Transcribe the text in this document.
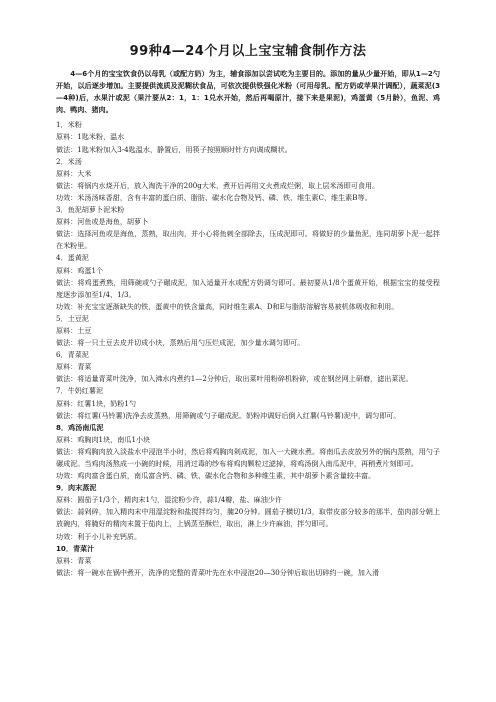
99种4—24个月以上宝宝辅食制作方法

4—6个月的宝宝饮食仍以母乳（或配方奶）为主，辅食添加以尝试吃为主要目的。添加的量从少量开始，即从1—2勺开始，以后逐步增加。主要提供流质及泥糊状食品，可依次提供铁强化米粉（可用母乳、配方奶或苹果汁调配），蔬菜泥(3—4种)后，水果汁或泥（果汁要从2：1，1：1兑水开始，然后再喝原汁，接下来是果泥)，鸡蛋黄（5月龄），鱼泥、鸡肉、鸭肉、猪肉。

1．米粉

原料：1匙米粉，温水

做法：1匙米粉加入3-4匙温水，静置后，用筷子按照顺时针方向调成糊状。

2．米汤

原料：大米

做法：将锅内水烧开后，放入淘洗干净的200g大米，煮开后再用文火煮成烂粥，取上层米汤即可食用。

功效：米汤汤味香甜，含有丰富的蛋白质、脂肪、碳水化合物及钙、磷、铁、维生素C、维生素B等。

3．鱼泥胡萝卜泥米粉

原料：河鱼或是海鱼，胡萝卜

做法：选择河鱼或是海鱼，蒸熟，取出肉，并小心将鱼刺全部除去，压成泥即可。将做好的少量鱼泥，连同胡萝卜泥一起拌在米粉里。

4．蛋黄泥

原料：鸡蛋1个

做法：将鸡蛋煮熟，用筛碗或勺子碾成泥，加入适量开水或配方奶调匀即可。最初要从1/8个蛋黄开始，根据宝宝的接受程度逐步添加至1/4、1/3。

功效：补充宝宝逐渐缺失的铁，蛋黄中的铁含量高，同时维生素A、D和E与脂肪溶解容易被机体吸收和利用。

5．土豆泥

原料：土豆

做法：将一只土豆去皮并切成小块，蒸熟后用勺压烂成泥，加少量水调匀即可。

6．青菜泥

原料：青菜

做法：将适量青菜叶洗净，加入沸水内煮约1—2分钟后，取出菜叶用粉碎机粉碎，或在钢丝网上研磨，滤出菜泥。

7．牛奶红薯泥

原料：红薯1块，奶粉1勺

做法：将红薯(马铃薯)洗净去皮蒸熟，用筛碗或勺子碾成泥。奶粉冲调好后倒入红薯(马铃薯)泥中，调匀即可。

8．鸡汤南瓜泥

原料：鸡胸肉1块，南瓜1小块

做法：将鸡胸肉放入淡盐水中浸泡半小时，然后将鸡胸肉剁成泥，加入一大碗水煮。将南瓜去皮放另外的锅内蒸熟，用勺子碾成泥。当鸡肉汤熬成一小碗的时候，用消过毒的纱布将鸡肉颗粒过滤掉，将鸡汤倒入南瓜泥中，再稍煮片刻即可。

功效：鸡肉富含蛋白质，南瓜富含钙、磷、铁、碳水化合物和多种维生素，其中胡萝卜素含量较丰富。

9．肉末蒸泥

原料：圆茄子1/3个，精肉末1勺，湿淀粉少许，蒜1/4瓣，盐、麻油少许

做法：蒜剁碎，加入精肉末中用湿淀粉和盐搅拌均匀，腌20分钟。圆茄子横切1/3，取带皮部分较多的那半，茄肉部分朝上放碗内，将腌好的精肉末置于茄肉上，上锅蒸至酥烂，取出，淋上少许麻油，拌匀即可。

功效：利于小儿补充钙质。

10．青菜汁

原料：青菜

做法：将一碗水在锅中煮开，洗净的完整的青菜叶先在水中浸泡20—30分钟后取出切碎约一碗，加入滑
